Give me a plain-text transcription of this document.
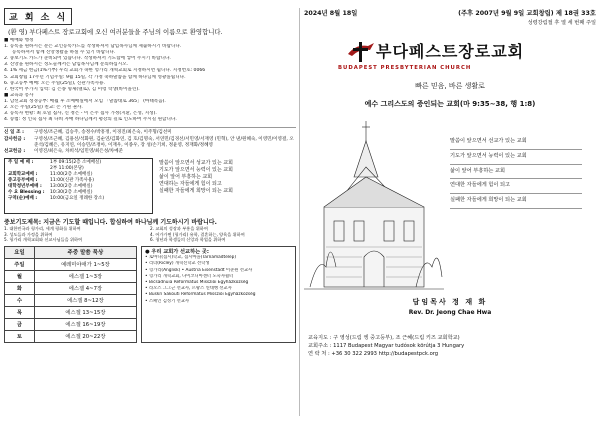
교 회 소 식
(환 영) 부다페스트 장로교회에 오신 여러분들을 주님의 이름으로 환영합니다.
■ 예배와 행정
1. 등록을 원하시는 분은 교인등록카드를 작성하셔서 담임목사님께 제출하시기 바랍니다.
등록하셔서 함께 신앙생활을 하실 수 있기 바랍니다.
2. 중보기도 카드가 준비되어 있습니다. 작성하셔서 기도함에 넣어 주시기 바랍니다.
3. 신앙을 원하시는 성도들께서는 담임목사님께 문의하십시오.
4. 1% 세금 헌금(1%기부) 우리 교회가 속한 헝가리 개혁교회로 지정하시면 됩니다. 지정번호: 0066
5. 교회창립 17주년 기념주일: 9월 15일, 각 가정 축하말씀을 함께 하나님께 영광돌립니다.
6. 중고등부 예배: 오는 주일(25일), 신관가족사용.
7. 한국어 무가지 입력: 김 은종 형제(헬로), 김 미령 학생(바이올린).
■ 교육과 봉사
1. 남선교회 성경공부: 매월 후 소예배실에서 모임 「말씀대로 365」 (마태복음).
2. 오는 주일(25일) 친교: 손 기원 권사.
3. 등록자 현황: 최 호일 집사, 신 정은 - 이 은주 집사 가정(지환, 은성, 지성).
4. 승범: 정 인숙 집사 최 다희 자매 하나님께서 평강의 길로 인도하여 주시길 원합니다.
신 일 조 :	구영성/조근혜, 김승주, 송정수/박흥정, 이경진/최은숙, 이주형/김선미
감사헌금 :	구영성/조근혜, 김용선/석화원, 김순연/김화연, 김 호/김명숙, 서연민/김경선/서민영/서재영 (민혁), 안 낸/원혜숙, 이영민/이영걸, 오준석/김혜은, 유지연, 이승민/조정아, 이재우, 이종우, 장 성/손기희, 정윤영, 정재화/정혜영
선교헌금 :	이영진/최은숙, 차희석/임민영/최은성/차예준
주 일 예 배 :	1부 09:15(2층 소예배실)
2부 11:00(본당)
교회학교예배 :	11:00(2층 소예배실)
중고등부예배 :	11:00(신관 가족사용)
대학청년부예배 :	13:00(2층 소예배실)
수 요 Blessing :	10:30(2층 소예배실)
구역(순)예배 :	10:00(금요일 정례한 장소)
말씀이 앞으면서 성교가 있는 교회
기도가 앞으면서 능력이 있는 교회
삶이 앞어 부흥하는 교회
연대하는 자들에게 힘이 되고
실패한 자들에게 희망이 되는 교회
중보기도제목: 지금은 기도할 때입니다. 합심하여 하나님께 기도하시기 바랍니다.
1. 대한민국과 헝가리, 세계 평화를 위하여	2. 교회의 성장과 부흥을 위하여
3. 성도들과 가정을 위하여	4. 어가가면 (헝가리) 유학, 결혼하는, 양육을 위하여
5. 헝가리 개혁교회와 선교사님들을 위하여	6. 청년과 학생들의 신앙과 학업을 위하여
요일	주중 말씀 묵상
주일	예레미야애가 1~5장
월	에스겔 1~3장
화	에스겔 4~7장
수	에스겔 8~12장
목	에스겔 13~15장
금	에스겔 16~19장
토	에스겔 20~22장
● 우리 교회가 선교하는 곳:
• 로마니(집시)학교, 집시마을(Tarnamadtelep)
• 리더(Ricley) 개혁신학교 선학생
• 헝가리(Anglisk) • Austria Eisenstadt 이준원 선교사
• 헝가리 개혁교회, 다이코니아센터 노숙자쉼터
• Bicsadnuia Reformatus Missziói Egyházközség
• 라오스 그그근 선교사, 르왕스 연대뱅 선교사
• Buskri Sakouti Reformatus Missziói Egyházközség
• 스페인 김성기 선교사
2024년 8월 18일	(주후 2007년 9월 9일 교회창립) 제 18권 33호
성령강림절 후 열 세 번째 주일
부다페스트장로교회
BUDAPEST PRESBYTERIAN CHURCH
빠른 믿음, 바른 생활로
예수 그리스도의 증인되는 교회(마 9:35~38, 행 1:8)
말씀이 앞으면서 선교가 있는 교회
기도가 앞으면서 능력이 있는 교회
삶이 앞어 부흥하는 교회
연대한 자들에게 힘이 되고
실패한 자들에게 희망이 되는 교회
담임목사 정 재 화
Rev. Dr. Jeong Chae Hwa
교육지도 : 구 영성(드림 엥 중고등부), 조 근혜(드림 키즈 교회학교)
교회주소 : 1117 Budapest Magyar tudósok körútja 3 Hungary
연 락 처 : +36 30 322 2993 http://budapestpck.org
